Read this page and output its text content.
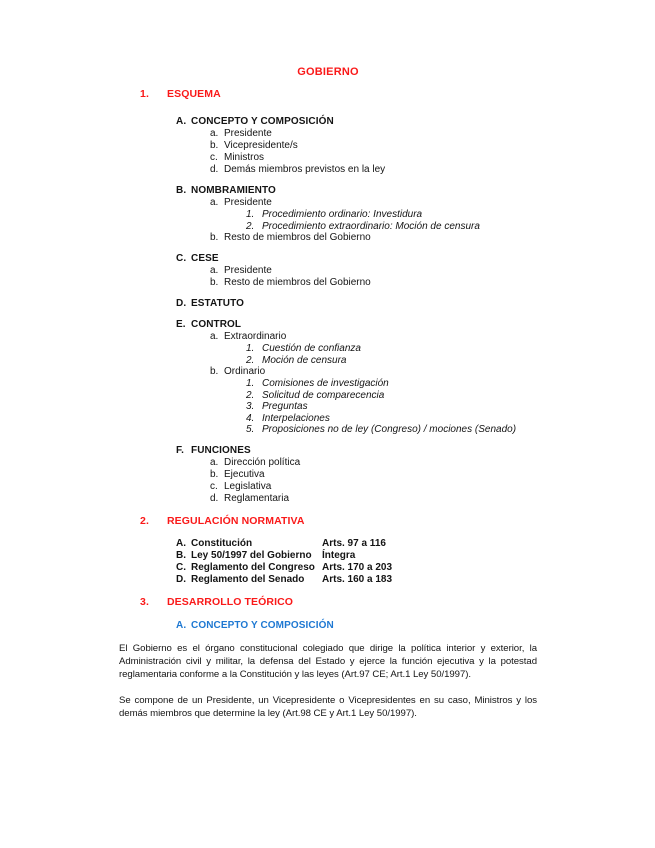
GOBIERNO
1.	ESQUEMA
A. CONCEPTO Y COMPOSICIÓN
a. Presidente
b. Vicepresidente/s
c. Ministros
d. Demás miembros previstos en la ley
B. NOMBRAMIENTO
a. Presidente
1. Procedimiento ordinario: Investidura
2. Procedimiento extraordinario: Moción de censura
b. Resto de miembros del Gobierno
C. CESE
a. Presidente
b. Resto de miembros del Gobierno
D. ESTATUTO
E. CONTROL
a. Extraordinario
1. Cuestión de confianza
2. Moción de censura
b. Ordinario
1. Comisiones de investigación
2. Solicitud de comparecencia
3. Preguntas
4. Interpelaciones
5. Proposiciones no de ley (Congreso) / mociones (Senado)
F. FUNCIONES
a. Dirección política
b. Ejecutiva
c. Legislativa
d. Reglamentaria
2.	REGULACIÓN NORMATIVA
A. Constitución	Arts. 97 a 116
B. Ley 50/1997 del Gobierno	Íntegra
C. Reglamento del Congreso Arts. 170 a 203
D. Reglamento del Senado	Arts. 160 a 183
3.	DESARROLLO TEÓRICO
A. CONCEPTO Y COMPOSICIÓN

El Gobierno es el órgano constitucional colegiado que dirige la política interior y exterior, la Administración civil y militar, la defensa del Estado y ejerce la función ejecutiva y la potestad reglamentaria conforme a la Constitución y las leyes (Art.97 CE; Art.1 Ley 50/1997).

Se compone de un Presidente, un Vicepresidente o Vicepresidentes en su caso, Ministros y los demás miembros que determine la ley (Art.98 CE y Art.1 Ley 50/1997).
